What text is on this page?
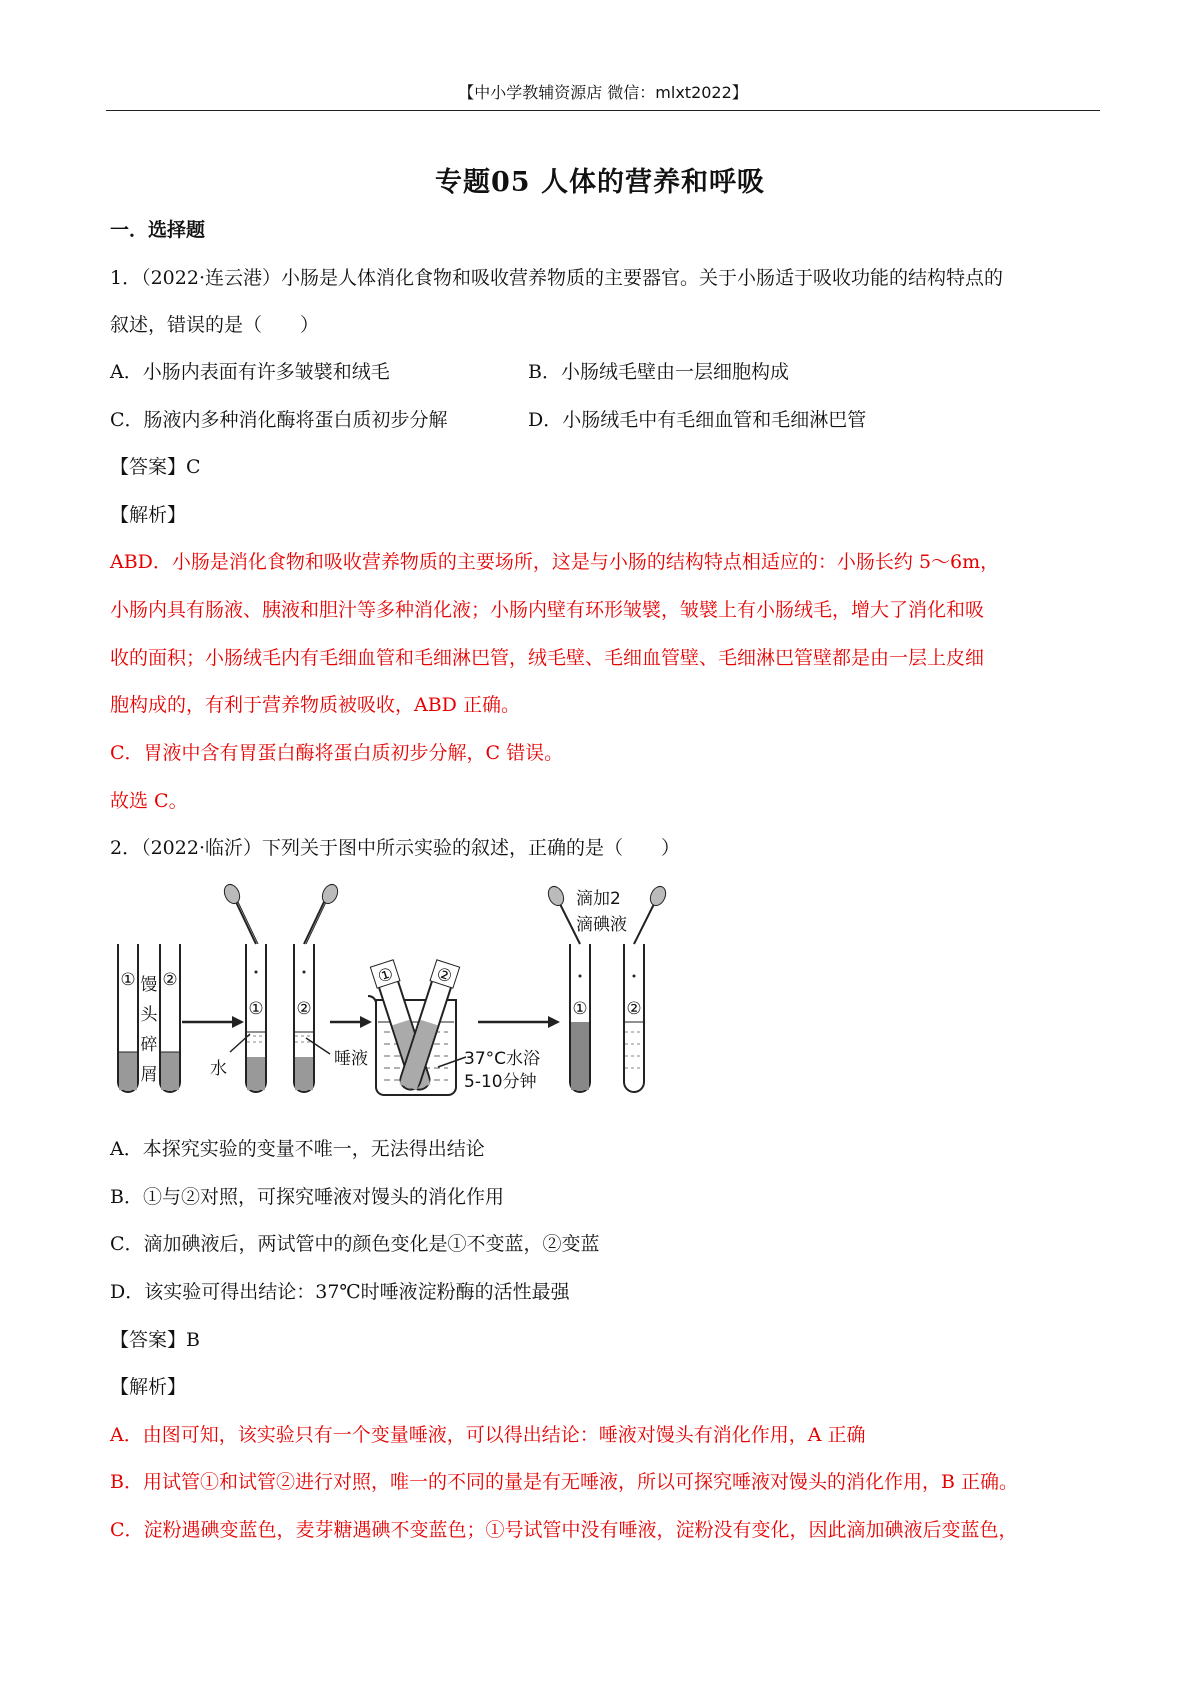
【中小学教辅资源店 微信：mlxt2022】
专题05 人体的营养和呼吸
一．选择题
1．（2022·连云港）小肠是人体消化食物和吸收营养物质的主要器官。关于小肠适于吸收功能的结构特点的
叙述，错误的是（　　）
A．小肠内表面有许多皱襞和绒毛	B．小肠绒毛壁由一层细胞构成
C．肠液内多种消化酶将蛋白质初步分解	D．小肠绒毛中有毛细血管和毛细淋巴管
【答案】C
【解析】
ABD．小肠是消化食物和吸收营养物质的主要场所，这是与小肠的结构特点相适应的：小肠长约 5～6m，
小肠内具有肠液、胰液和胆汁等多种消化液；小肠内壁有环形皱襞，皱襞上有小肠绒毛，增大了消化和吸
收的面积；小肠绒毛内有毛细血管和毛细淋巴管，绒毛壁、毛细血管壁、毛细淋巴管壁都是由一层上皮细
胞构成的，有利于营养物质被吸收，ABD 正确。
C．胃液中含有胃蛋白酶将蛋白质初步分解，C 错误。
故选 C。
2．（2022·临沂）下列关于图中所示实验的叙述，正确的是（　　）
① ②
馒
头
碎
屑
①
水
②
唾液
① ②
37°C水浴
5-10分钟
滴加2
滴碘液
① ②
A．本探究实验的变量不唯一，无法得出结论
B．①与②对照，可探究唾液对馒头的消化作用
C．滴加碘液后，两试管中的颜色变化是①不变蓝，②变蓝
D．该实验可得出结论：37℃时唾液淀粉酶的活性最强
【答案】B
【解析】
A．由图可知，该实验只有一个变量唾液，可以得出结论：唾液对馒头有消化作用，A 正确
B．用试管①和试管②进行对照，唯一的不同的量是有无唾液，所以可探究唾液对馒头的消化作用，B 正确。
C．淀粉遇碘变蓝色，麦芽糖遇碘不变蓝色；①号试管中没有唾液，淀粉没有变化，因此滴加碘液后变蓝色，
